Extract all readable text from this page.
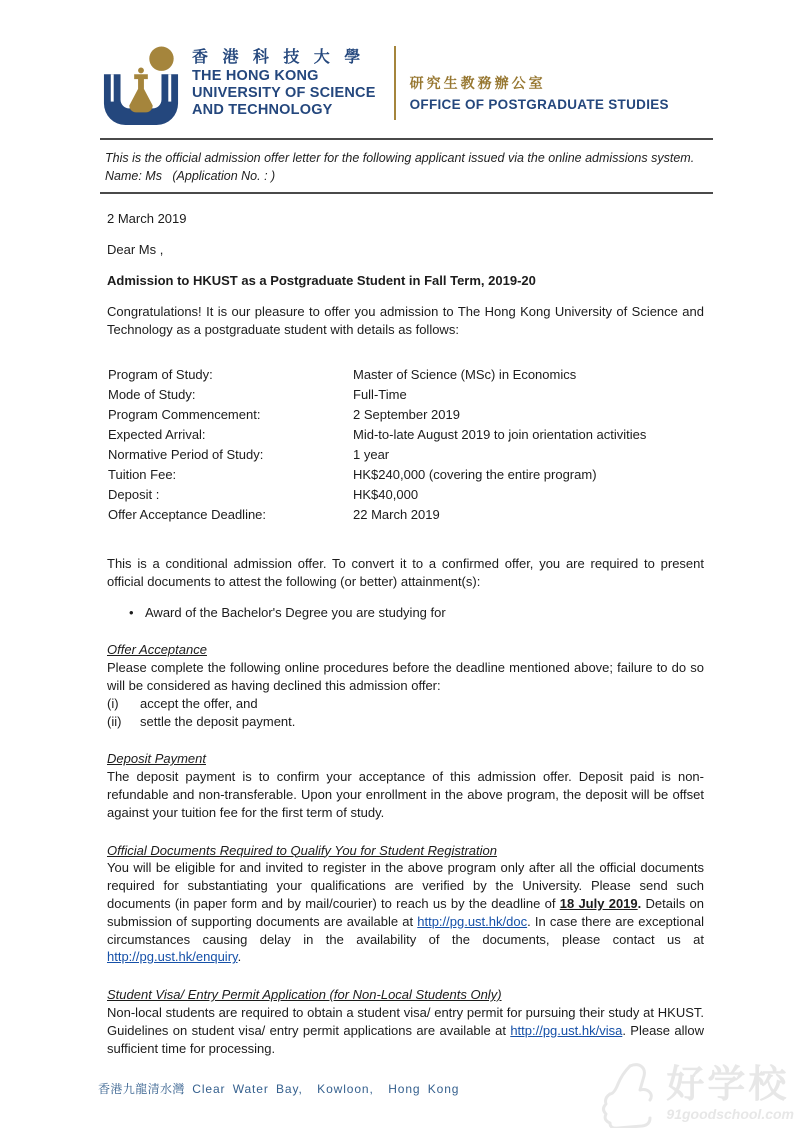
香 港 科 技 大 學
THE HONG KONG
UNIVERSITY OF SCIENCE
AND TECHNOLOGY
研究生教務辦公室
OFFICE OF POSTGRADUATE STUDIES
This is the official admission offer letter for the following applicant issued via the online admissions system.
Name: Ms   (Application No. : )

2 March 2019

Dear Ms ,

Admission to HKUST as a Postgraduate Student in Fall Term, 2019-20

Congratulations! It is our pleasure to offer you admission to The Hong Kong University of Science and Technology as a postgraduate student with details as follows:

Program of Study:	Master of Science (MSc) in Economics
Mode of Study:	Full-Time
Program Commencement:	2 September 2019
Expected Arrival:	Mid-to-late August 2019 to join orientation activities
Normative Period of Study:	1 year
Tuition Fee:	HK$240,000 (covering the entire program)
Deposit :	HK$40,000
Offer Acceptance Deadline:	22 March 2019

This is a conditional admission offer. To convert it to a confirmed offer, you are required to present official documents to attest the following (or better) attainment(s):

• Award of the Bachelor's Degree you are studying for

Offer Acceptance

Please complete the following online procedures before the deadline mentioned above; failure to do so will be considered as having declined this admission offer:

(i)	accept the offer, and
(ii)	settle the deposit payment.

Deposit Payment

The deposit payment is to confirm your acceptance of this admission offer. Deposit paid is non-refundable and non-transferable. Upon your enrollment in the above program, the deposit will be offset against your tuition fee for the first term of study.

Official Documents Required to Qualify You for Student Registration

You will be eligible for and invited to register in the above program only after all the official documents required for substantiating your qualifications are verified by the University. Please send such documents (in paper form and by mail/courier) to reach us by the deadline of 18 July 2019. Details on submission of supporting documents are available at http://pg.ust.hk/doc. In case there are exceptional circumstances causing delay in the availability of the documents, please contact us at http://pg.ust.hk/enquiry.

Student Visa/ Entry Permit Application (for Non-Local Students Only)

Non-local students are required to obtain a student visa/ entry permit for pursuing their study at HKUST. Guidelines on student visa/ entry permit applications are available at http://pg.ust.hk/visa. Please allow sufficient time for processing.

香港九龍清水灣 Clear Water Bay,  Kowloon,  Hong Kong	好学校
91goodschool.com
